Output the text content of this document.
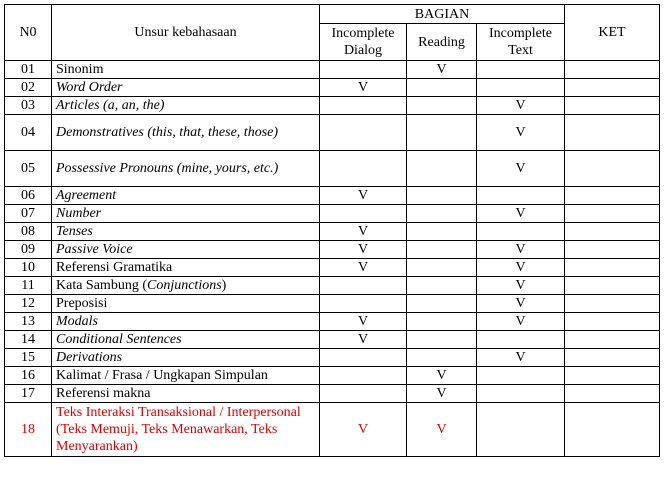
N0	Unsur kebahasaan	BAGIAN			KET
		Incomplete Dialog	Reading	Incomplete Text	
01	Sinonim		V		
02	Word Order	V			
03	Articles (a, an, the)			V	
04	Demonstratives (this, that, these, those)			V	
05	Possessive Pronouns (mine, yours, etc.)			V	
06	Agreement	V			
07	Number			V	
08	Tenses	V			
09	Passive Voice	V		V	
10	Referensi Gramatika	V		V	
11	Kata Sambung (Conjunctions)			V	
12	Preposisi			V	
13	Modals	V		V	
14	Conditional Sentences	V			
15	Derivations			V	
16	Kalimat / Frasa / Ungkapan Simpulan		V		
17	Referensi makna		V		
18	Teks Interaksi Transaksional / Interpersonal (Teks Memuji, Teks Menawarkan, Teks Menyarankan)	V	V		
